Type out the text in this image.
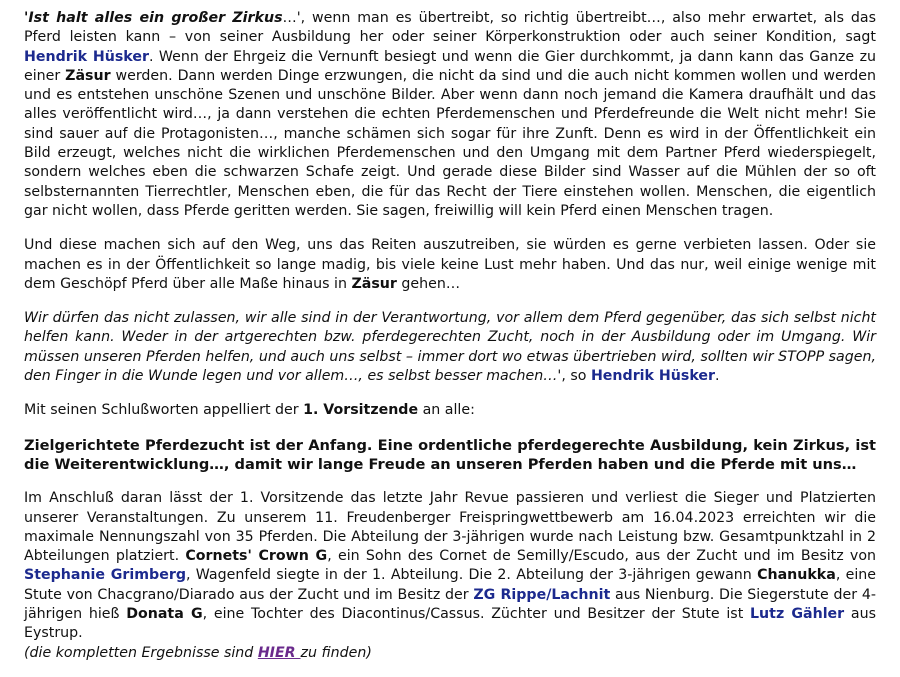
'Ist halt alles ein großer Zirkus…', wenn man es übertreibt, so richtig übertreibt…, also mehr erwartet, als das Pferd leisten kann – von seiner Ausbildung her oder seiner Körperkonstruktion oder auch seiner Kondition, sagt Hendrik Hüsker. Wenn der Ehrgeiz die Vernunft besiegt und wenn die Gier durchkommt, ja dann kann das Ganze zu einer Zäsur werden. Dann werden Dinge erzwungen, die nicht da sind und die auch nicht kommen wollen und werden und es entstehen unschöne Szenen und unschöne Bilder. Aber wenn dann noch jemand die Kamera draufhält und das alles veröffentlicht wird…, ja dann verstehen die echten Pferdemenschen und Pferdefreunde die Welt nicht mehr! Sie sind sauer auf die Protagonisten…, manche schämen sich sogar für ihre Zunft. Denn es wird in der Öffentlichkeit ein Bild erzeugt, welches nicht die wirklichen Pferdemenschen und den Umgang mit dem Partner Pferd wiederspiegelt, sondern welches eben die schwarzen Schafe zeigt. Und gerade diese Bilder sind Wasser auf die Mühlen der so oft selbsternannten Tierrechtler, Menschen eben, die für das Recht der Tiere einstehen wollen. Menschen, die eigentlich gar nicht wollen, dass Pferde geritten werden. Sie sagen, freiwillig will kein Pferd einen Menschen tragen.

Und diese machen sich auf den Weg, uns das Reiten auszutreiben, sie würden es gerne verbieten lassen. Oder sie machen es in der Öffentlichkeit so lange madig, bis viele keine Lust mehr haben. Und das nur, weil einige wenige mit dem Geschöpf Pferd über alle Maße hinaus in Zäsur gehen…

Wir dürfen das nicht zulassen, wir alle sind in der Verantwortung, vor allem dem Pferd gegenüber, das sich selbst nicht helfen kann. Weder in der artgerechten bzw. pferdegerechten Zucht, noch in der Ausbildung oder im Umgang. Wir müssen unseren Pferden helfen, und auch uns selbst – immer dort wo etwas übertrieben wird, sollten wir STOPP sagen, den Finger in die Wunde legen und vor allem…, es selbst besser machen…', so Hendrik Hüsker.

Mit seinen Schlußworten appelliert der 1. Vorsitzende an alle:

Zielgerichtete Pferdezucht ist der Anfang. Eine ordentliche pferdegerechte Ausbildung, kein Zirkus, ist die Weiterentwicklung…, damit wir lange Freude an unseren Pferden haben und die Pferde mit uns…

Im Anschluß daran lässt der 1. Vorsitzende das letzte Jahr Revue passieren und verliest die Sieger und Platzierten unserer Veranstaltungen. Zu unserem 11. Freudenberger Freispringwettbewerb am 16.04.2023 erreichten wir die maximale Nennungszahl von 35 Pferden. Die Abteilung der 3-jährigen wurde nach Leistung bzw. Gesamtpunktzahl in 2 Abteilungen platziert. Cornets' Crown G, ein Sohn des Cornet de Semilly/Escudo, aus der Zucht und im Besitz von Stephanie Grimberg, Wagenfeld siegte in der 1. Abteilung. Die 2. Abteilung der 3-jährigen gewann Chanukka, eine Stute von Chacgrano/Diarado aus der Zucht und im Besitz der ZG Rippe/Lachnit aus Nienburg. Die Siegerstute der 4-jährigen hieß Donata G, eine Tochter des Diacontinus/Cassus. Züchter und Besitzer der Stute ist Lutz Gähler aus Eystrup.

(die kompletten Ergebnisse sind HIER zu finden)
